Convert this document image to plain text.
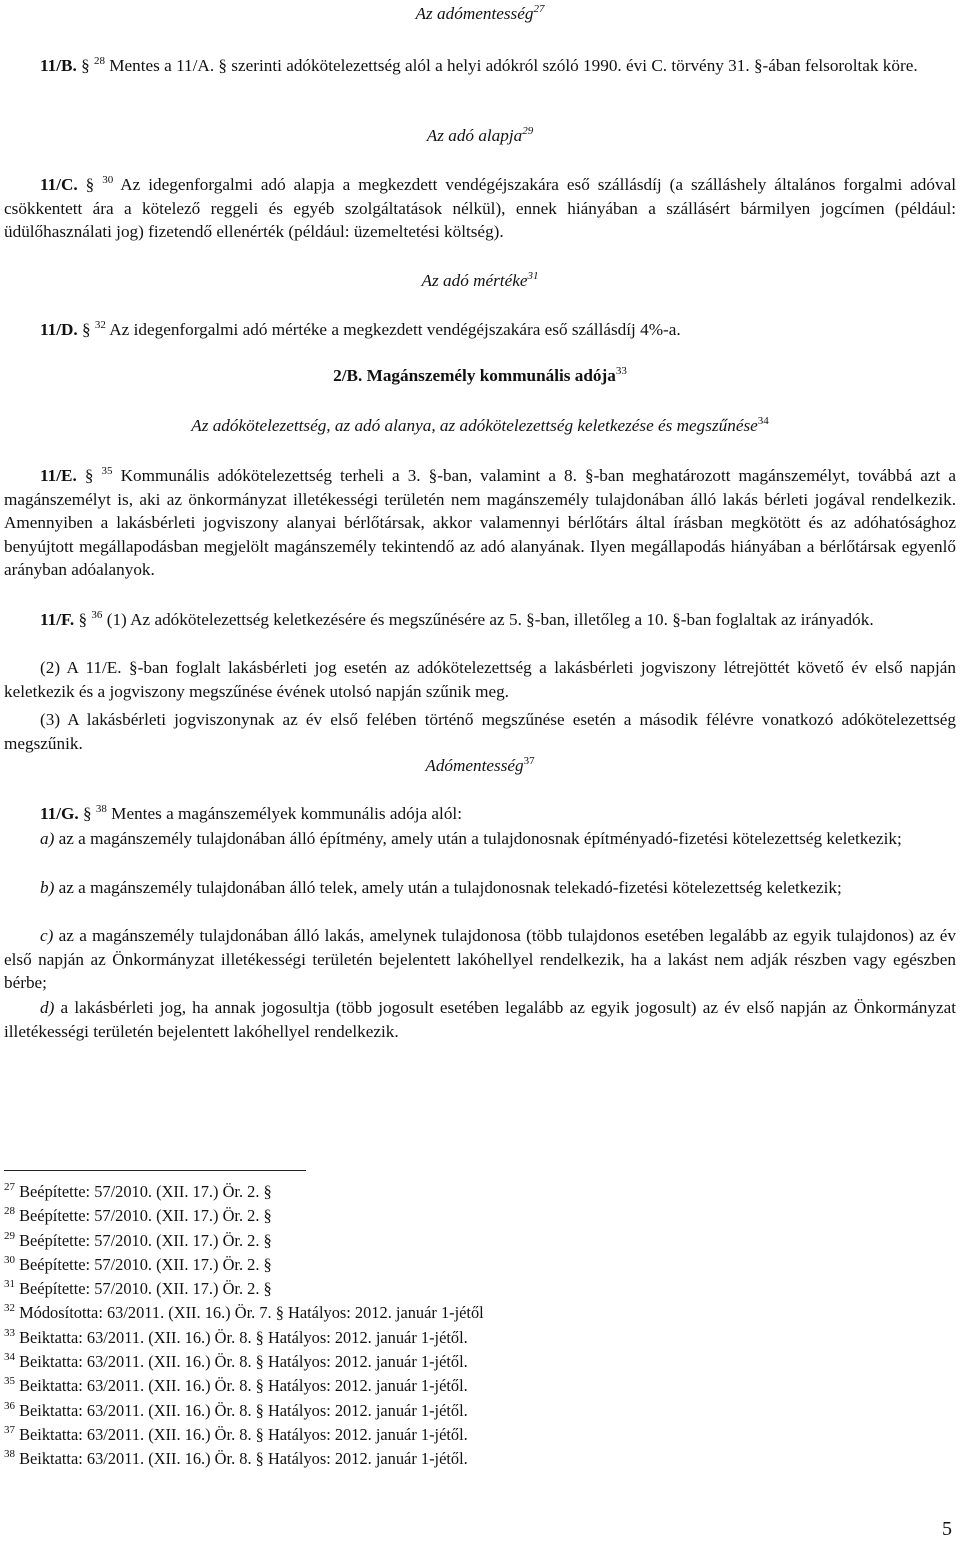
Az adómentesség$^{27}$

11/B. § $^{28}$ Mentes a 11/A. § szerinti adókötelezettség alól a helyi adókról szóló 1990. évi C. törvény 31. §-ában felsoroltak köre.

Az adó alapja$^{29}$

11/C. § $^{30}$ Az idegenforgalmi adó alapja a megkezdett vendégéjszakára eső szállásdíj (a szálláshely általános forgalmi adóval csökkentett ára a kötelező reggeli és egyéb szolgáltatások nélkül), ennek hiányában a szállásért bármilyen jogcímen (például: üdülőhasználati jog) fizetendő ellenérték (például: üzemeltetési költség).

Az adó mértéke$^{31}$

11/D. § $^{32}$ Az idegenforgalmi adó mértéke a megkezdett vendégéjszakára eső szállásdíj 4%-a.

2/B. Magánszemély kommunális adója$^{33}$
Az adókötelezettség, az adó alanya, az adókötelezettség keletkezése és megszűnése$^{34}$

11/E. § $^{35}$ Kommunális adókötelezettség terheli a 3. §-ban, valamint a 8. §-ban meghatározott magánszemélyt, továbbá azt a magánszemélyt is, aki az önkormányzat illetékességi területén nem magánszemély tulajdonában álló lakás bérleti jogával rendelkezik. Amennyiben a lakásbérleti jogviszony alanyai bérlőtársak, akkor valamennyi bérlőtárs által írásban megkötött és az adóhatósághoz benyújtott megállapodásban megjelölt magánszemély tekintendő az adó alanyának. Ilyen megállapodás hiányában a bérlőtársak egyenlő arányban adóalanyok.

11/F. § $^{36}$ (1) Az adókötelezettség keletkezésére és megszűnésére az 5. §-ban, illetőleg a 10. §-ban foglaltak az irányadók.

(2) A 11/E. §-ban foglalt lakásbérleti jog esetén az adókötelezettség a lakásbérleti jogviszony létrejöttét követő év első napján keletkezik és a jogviszony megszűnése évének utolsó napján szűnik meg.

(3) A lakásbérleti jogviszonynak az év első felében történő megszűnése esetén a második félévre vonatkozó adókötelezettség megszűnik.

Adómentesség$^{37}$

11/G. § $^{38}$ Mentes a magánszemélyek kommunális adója alól:

a) az a magánszemély tulajdonában álló építmény, amely után a tulajdonosnak építményadó-fizetési kötelezettség keletkezik;

b) az a magánszemély tulajdonában álló telek, amely után a tulajdonosnak telekadó-fizetési kötelezettség keletkezik;

c) az a magánszemély tulajdonában álló lakás, amelynek tulajdonosa (több tulajdonos esetében legalább az egyik tulajdonos) az év első napján az Önkormányzat illetékességi területén bejelentett lakóhellyel rendelkezik, ha a lakást nem adják részben vagy egészben bérbe;

d) a lakásbérleti jog, ha annak jogosultja (több jogosult esetében legalább az egyik jogosult) az év első napján az Önkormányzat illetékességi területén bejelentett lakóhellyel rendelkezik.

$^{27}$ Beépítette: 57/2010. (XII. 17.) Ör. 2. §
$^{28}$ Beépítette: 57/2010. (XII. 17.) Ör. 2. §
$^{29}$ Beépítette: 57/2010. (XII. 17.) Ör. 2. §
$^{30}$ Beépítette: 57/2010. (XII. 17.) Ör. 2. §
$^{31}$ Beépítette: 57/2010. (XII. 17.) Ör. 2. §
$^{32}$ Módosította: 63/2011. (XII. 16.) Ör. 7. § Hatályos: 2012. január 1-jétől
$^{33}$ Beiktatta: 63/2011. (XII. 16.) Ör. 8. § Hatályos: 2012. január 1-jétől.
$^{34}$ Beiktatta: 63/2011. (XII. 16.) Ör. 8. § Hatályos: 2012. január 1-jétől.
$^{35}$ Beiktatta: 63/2011. (XII. 16.) Ör. 8. § Hatályos: 2012. január 1-jétől.
$^{36}$ Beiktatta: 63/2011. (XII. 16.) Ör. 8. § Hatályos: 2012. január 1-jétől.
$^{37}$ Beiktatta: 63/2011. (XII. 16.) Ör. 8. § Hatályos: 2012. január 1-jétől.
$^{38}$ Beiktatta: 63/2011. (XII. 16.) Ör. 8. § Hatályos: 2012. január 1-jétől.
5
